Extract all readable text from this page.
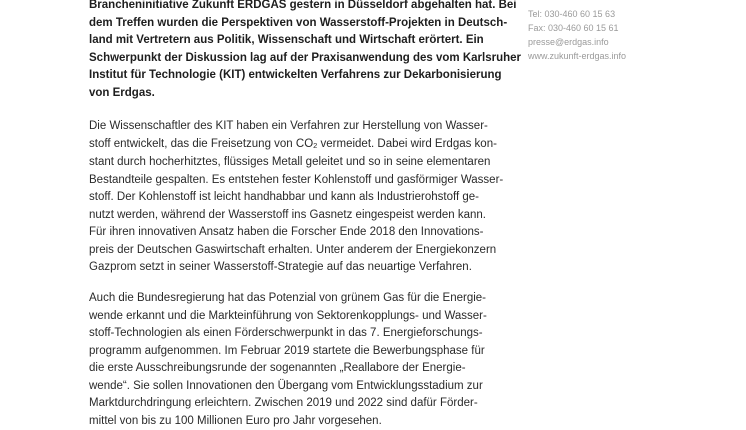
Brancheninitiative Zukunft ERDGAS gestern in Düsseldorf abgehalten hat. Bei
dem Treffen wurden die Perspektiven von Wasserstoff-Projekten in Deutsch-
land mit Vertretern aus Politik, Wissenschaft und Wirtschaft erörtert. Ein
Schwerpunkt der Diskussion lag auf der Praxisanwendung des vom Karlsruher
Institut für Technologie (KIT) entwickelten Verfahrens zur Dekarbonisierung
von Erdgas.
Die Wissenschaftler des KIT haben ein Verfahren zur Herstellung von Wasser-
stoff entwickelt, das die Freisetzung von $CO_2$ vermeidet. Dabei wird Erdgas kon-
stant durch hocherhitztes, flüssiges Metall geleitet und so in seine elementaren
Bestandteile gespalten. Es entstehen fester Kohlenstoff und gasförmiger Wasser-
stoff. Der Kohlenstoff ist leicht handhabbar und kann als Industrierohstoff ge-
nutzt werden, während der Wasserstoff ins Gasnetz eingespeist werden kann.
Für ihren innovativen Ansatz haben die Forscher Ende 2018 den Innovations-
preis der Deutschen Gaswirtschaft erhalten. Unter anderem der Energiekonzern
Gazprom setzt in seiner Wasserstoff-Strategie auf das neuartige Verfahren.
Auch die Bundesregierung hat das Potenzial von grünem Gas für die Energie-
wende erkannt und die Markteinführung von Sektorenkopplungs- und Wasser-
stoff-Technologien als einen Förderschwerpunkt in das 7. Energieforschungs-
programm aufgenommen. Im Februar 2019 startete die Bewerbungsphase für
die erste Ausschreibungsrunde der sogenannten „Reallabore der Energie-
wende“. Sie sollen Innovationen den Übergang vom Entwicklungsstadium zur
Marktdurchdringung erleichtern. Zwischen 2019 und 2022 sind dafür Förder-
mittel von bis zu 100 Millionen Euro pro Jahr vorgesehen.
Tel: 030-460 60 15 63
Fax: 030-460 60 15 61
presse@erdgas.info
www.zukunft-erdgas.info
